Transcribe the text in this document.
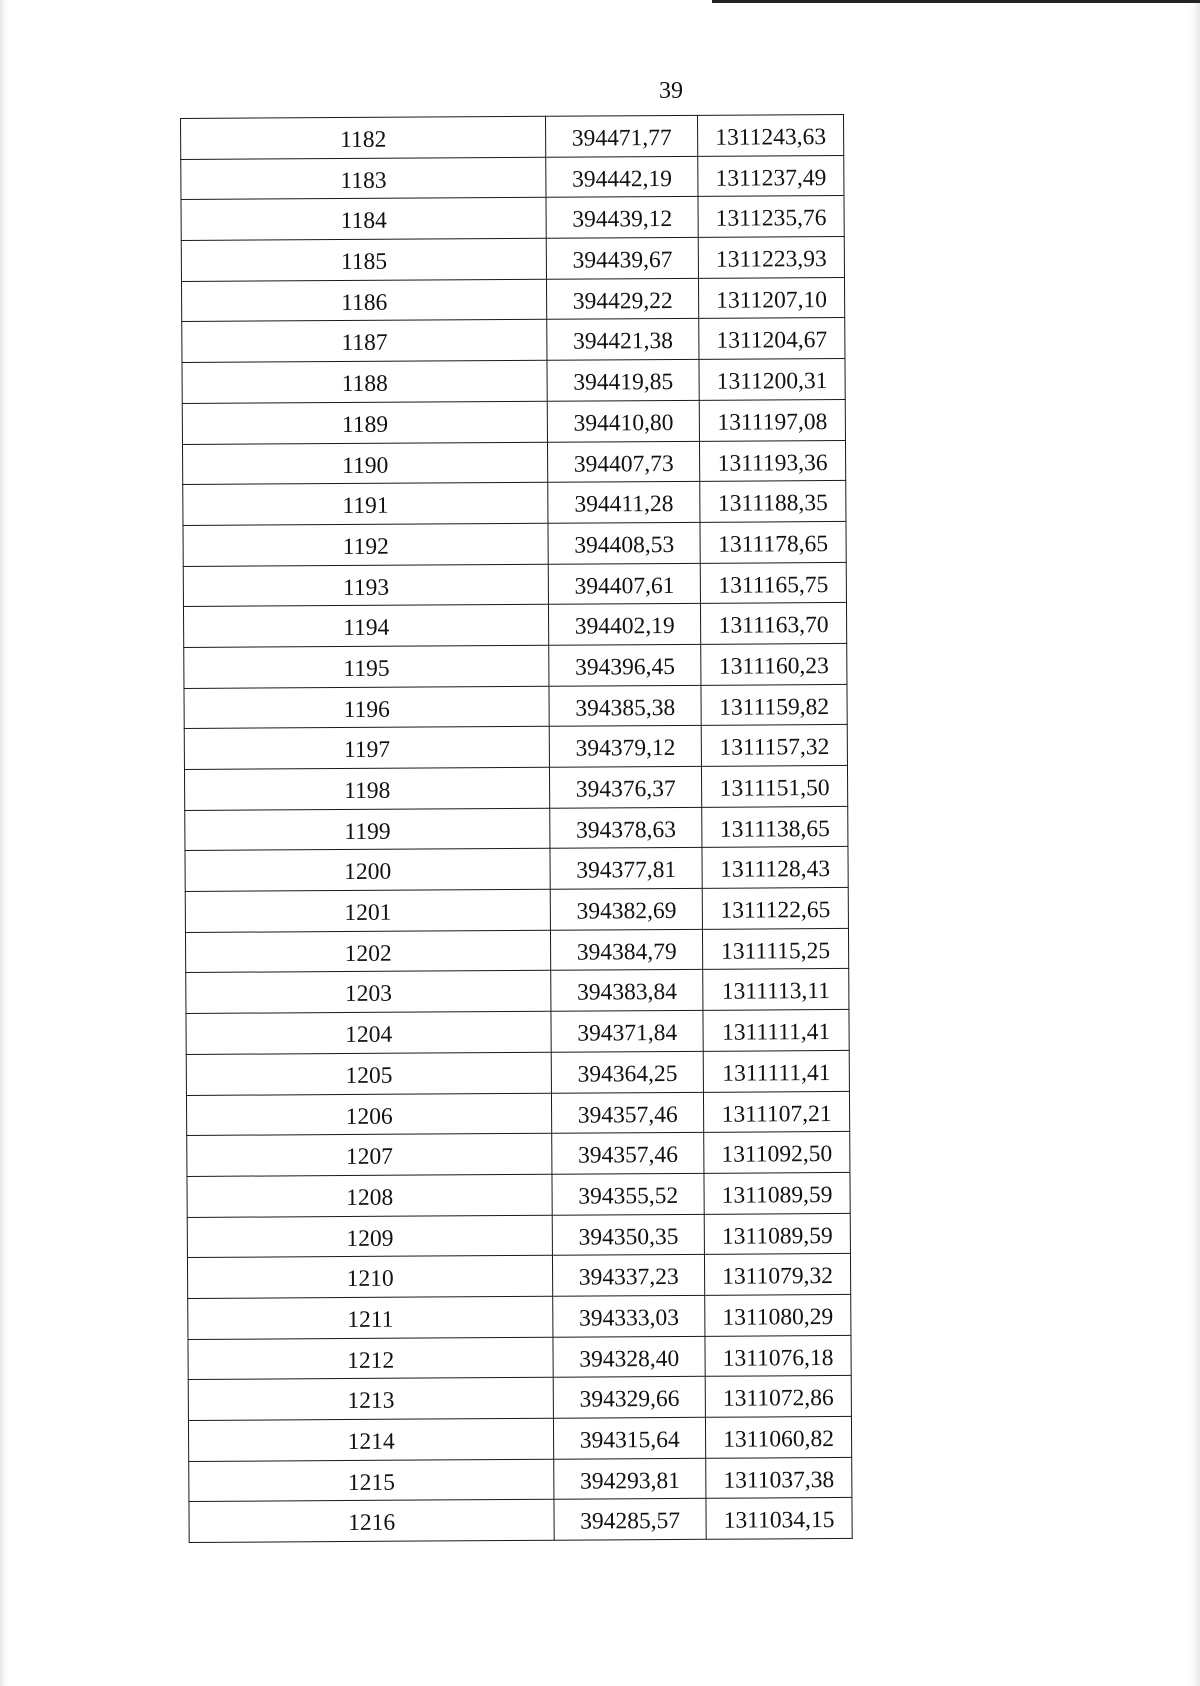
39
1182	394471,77	1311243,63
1183	394442,19	1311237,49
1184	394439,12	1311235,76
1185	394439,67	1311223,93
1186	394429,22	1311207,10
1187	394421,38	1311204,67
1188	394419,85	1311200,31
1189	394410,80	1311197,08
1190	394407,73	1311193,36
1191	394411,28	1311188,35
1192	394408,53	1311178,65
1193	394407,61	1311165,75
1194	394402,19	1311163,70
1195	394396,45	1311160,23
1196	394385,38	1311159,82
1197	394379,12	1311157,32
1198	394376,37	1311151,50
1199	394378,63	1311138,65
1200	394377,81	1311128,43
1201	394382,69	1311122,65
1202	394384,79	1311115,25
1203	394383,84	1311113,11
1204	394371,84	1311111,41
1205	394364,25	1311111,41
1206	394357,46	1311107,21
1207	394357,46	1311092,50
1208	394355,52	1311089,59
1209	394350,35	1311089,59
1210	394337,23	1311079,32
1211	394333,03	1311080,29
1212	394328,40	1311076,18
1213	394329,66	1311072,86
1214	394315,64	1311060,82
1215	394293,81	1311037,38
1216	394285,57	1311034,15
